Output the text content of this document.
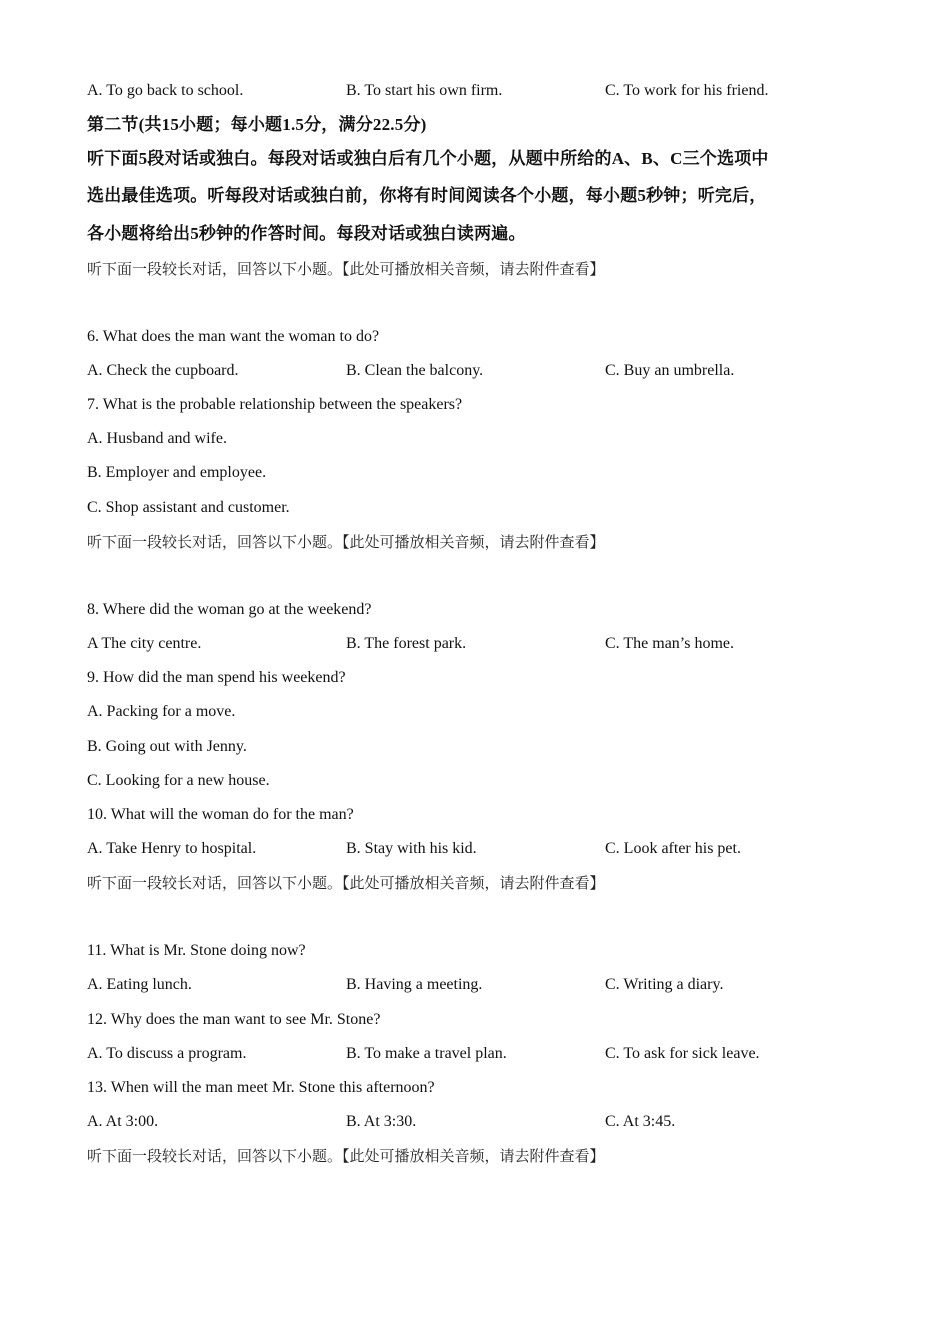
A. To go back to school.	B. To start his own firm.	C. To work for his friend.
第二节(共15小题；每小题1.5分，满分22.5分)
听下面5段对话或独白。每段对话或独白后有几个小题，从题中所给的A、B、C三个选项中
选出最佳选项。听每段对话或独白前，你将有时间阅读各个小题，每小题5秒钟；听完后，
各小题将给出5秒钟的作答时间。每段对话或独白读两遍。
听下面一段较长对话，回答以下小题。【此处可播放相关音频，请去附件查看】
6. What does the man want the woman to do?
A. Check the cupboard.	B. Clean the balcony.	C. Buy an umbrella.
7. What is the probable relationship between the speakers?
A. Husband and wife.
B. Employer and employee.
C. Shop assistant and customer.
听下面一段较长对话，回答以下小题。【此处可播放相关音频，请去附件查看】
8. Where did the woman go at the weekend?
A The city centre.	B. The forest park.	C. The man’s home.
9. How did the man spend his weekend?
A. Packing for a move.
B. Going out with Jenny.
C. Looking for a new house.
10. What will the woman do for the man?
A. Take Henry to hospital.	B. Stay with his kid.	C. Look after his pet.
听下面一段较长对话，回答以下小题。【此处可播放相关音频，请去附件查看】
11. What is Mr. Stone doing now?
A. Eating lunch.	B. Having a meeting.	C. Writing a diary.
12. Why does the man want to see Mr. Stone?
A. To discuss a program.	B. To make a travel plan.	C. To ask for sick leave.
13. When will the man meet Mr. Stone this afternoon?
A. At 3:00.	B. At 3:30.	C. At 3:45.
听下面一段较长对话，回答以下小题。【此处可播放相关音频，请去附件查看】
